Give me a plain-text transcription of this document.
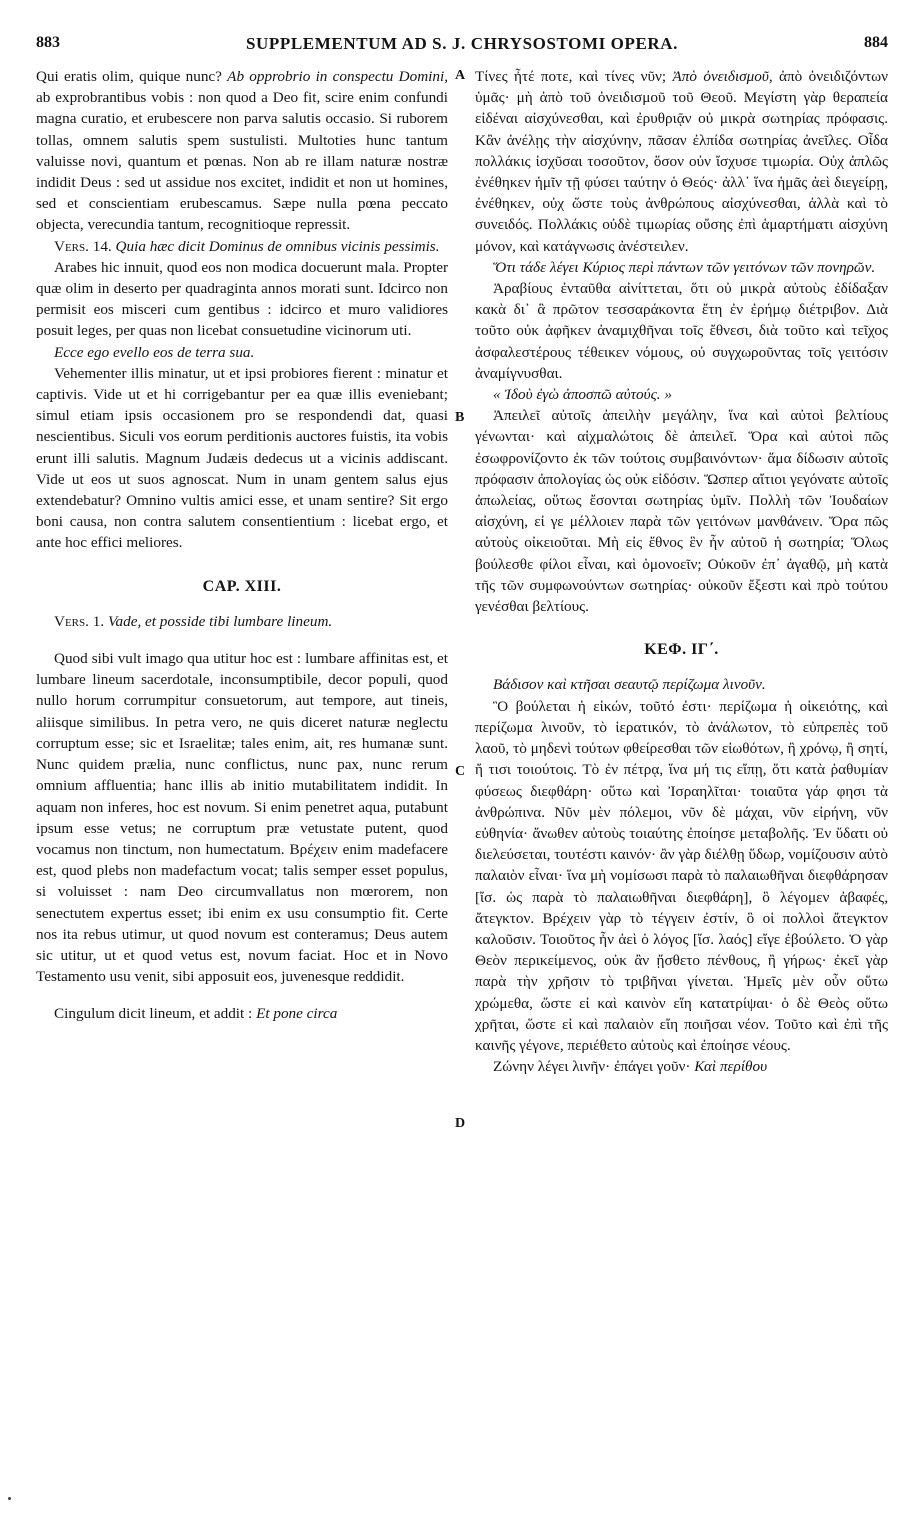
883	SUPPLEMENTUM AD S. J. CHRYSOSTOMI OPERA.	884
A
B
C
D

Qui eratis olim, quique nunc? Ab opprobrio in conspectu Domini, ab exprobrantibus vobis : non quod a Deo fit, scire enim confundi magna curatio, et erubescere non parva salutis occasio. Si ruborem tollas, omnem salutis spem sustulisti. Multoties hunc tantum valuisse novi, quantum et pœnas. Non ab re illam naturæ nostræ indidit Deus : sed ut assidue nos excitet, indidit et non ut homines, sed et conscientiam erubescamus. Sæpe nulla pœna peccato objecta, verecundia tantum, recognitioque repressit.

Vers. 14. Quia hæc dicit Dominus de omnibus vicinis pessimis.

Arabes hic innuit, quod eos non modica docuerunt mala. Propter quæ olim in deserto per quadraginta annos morati sunt. Idcirco non permisit eos misceri cum gentibus : idcirco et muro validiores posuit leges, per quas non licebat consuetudine vicinorum uti.

Ecce ego evello eos de terra sua.

Vehementer illis minatur, ut et ipsi probiores fierent : minatur et captivis. Vide ut et hi corrigebantur per ea quæ illis eveniebant; simul etiam ipsis occasionem pro se respondendi dat, quasi nescientibus. Siculi vos eorum perditionis auctores fuistis, ita vobis erunt illi salutis. Magnum Judæis dedecus ut a vicinis addiscant. Vide ut eos ut suos agnoscat. Num in unam gentem salus ejus extendebatur? Omnino vultis amici esse, et unam sentire? Sit ergo boni causa, non contra salutem consentientium : licebat ergo, et ante hoc effici meliores.

CAP. XIII.

Vers. 1. Vade, et posside tibi lumbare lineum.

Quod sibi vult imago qua utitur hoc est : lumbare affinitas est, et lumbare lineum sacerdotale, inconsumptibile, decor populi, quod nullo horum corrumpitur consuetorum, aut tempore, aut tineis, aliisque similibus. In petra vero, ne quis diceret naturæ neglectu corruptum esse; sic et Israelitæ; tales enim, ait, res humanæ sunt. Nunc quidem prælia, nunc conflictus, nunc pax, nunc rerum omnium affluentia; hanc illis ab initio mutabilitatem indidit. In aquam non inferes, hoc est novum. Si enim penetret aqua, putabunt ipsum esse vetus; ne corruptum præ vetustate putent, quod vocamus non tinctum, non humectatum. Βρέχειν enim madefacere est, quod plebs non madefactum vocat; talis semper esset populus, si voluisset : nam Deo circumvallatus non mœrorem, non senectutem expertus esset; ibi enim ex usu consumptio fit. Certe nos ita rebus utimur, ut quod novum est conteramus; Deus autem sic utitur, ut et quod vetus est, novum faciat. Hoc et in Novo Testamento usu venit, sibi apposuit eos, juvenesque reddidit.

Cingulum dicit lineum, et addit : Et pone circa

Τίνες ἦτέ ποτε, καὶ τίνες νῦν; Ἀπὸ ὀνειδισμοῦ, ἀπὸ ὀνειδιζόντων ὑμᾶς· μὴ ἀπὸ τοῦ ὀνειδισμοῦ τοῦ Θεοῦ. Μεγίστη γὰρ θεραπεία εἰδέναι αἰσχύνεσθαι, καὶ ἐρυθριᾷν οὐ μικρὰ σωτηρίας πρόφασις. Κἂν ἀνέλῃς τὴν αἰσχύνην, πᾶσαν ἐλπίδα σωτηρίας ἀνεῖλες. Οἶδα πολλάκις ἰσχῦσαι τοσοῦτον, ὅσον οὐν ἴσχυσε τιμωρία. Οὐχ ἁπλῶς ἐνέθηκεν ἡμῖν τῇ φύσει ταύτην ὁ Θεός· ἀλλ᾽ ἵνα ἡμᾶς ἀεὶ διεγείρῃ, ἐνέθηκεν, οὐχ ὥστε τοὺς ἀνθρώπους αἰσχύνεσθαι, ἀλλὰ καὶ τὸ συνειδός. Πολλάκις οὐδὲ τιμωρίας οὔσης ἐπὶ ἁμαρτήματι αἰσχύνη μόνον, καὶ κατάγνωσις ἀνέστειλεν.

Ὅτι τάδε λέγει Κύριος περὶ πάντων τῶν γειτόνων τῶν πονηρῶν.

Ἀραβίους ἐνταῦθα αἰνίττεται, ὅτι οὐ μικρὰ αὐτοὺς ἐδίδαξαν κακὰ δι᾽ ἃ πρῶτον τεσσαράκοντα ἔτη ἐν ἐρήμῳ διέτριβον. Διὰ τοῦτο οὐκ ἀφῆκεν ἀναμιχθῆναι τοῖς ἔθνεσι, διὰ τοῦτο καὶ τεῖχος ἀσφαλεστέρους τέθεικεν νόμους, οὐ συγχωροῦντας τοῖς γειτόσιν ἀναμίγνυσθαι.

« Ἰδοὺ ἐγὼ ἀποσπῶ αὐτούς. »

Ἀπειλεῖ αὐτοῖς ἀπειλὴν μεγάλην, ἵνα καὶ αὐτοὶ βελτίους γένωνται· καὶ αἰχμαλώτοις δὲ ἀπειλεῖ. Ὅρα καὶ αὐτοὶ πῶς ἐσωφρονίζοντο ἐκ τῶν τούτοις συμβαινόντων· ἅμα δίδωσιν αὐτοῖς πρόφασιν ἀπολογίας ὡς οὐκ εἰδόσιν. Ὥσπερ αἴτιοι γεγόνατε αὐτοῖς ἀπωλείας, οὕτως ἔσονται σωτηρίας ὑμῖν. Πολλὴ τῶν Ἰουδαίων αἰσχύνη, εἰ γε μέλλοιεν παρὰ τῶν γειτόνων μανθάνειν. Ὅρα πῶς αὐτοὺς οἰκειοῦται. Μὴ εἰς ἔθνος ἓν ἦν αὐτοῦ ἡ σωτηρία; Ὅλως βούλεσθε φίλοι εἶναι, καὶ ὁμονοεῖν; Οὐκοῦν ἐπ᾽ ἀγαθῷ, μὴ κατὰ τῆς τῶν συμφωνούντων σωτηρίας· οὐκοῦν ἔξεστι καὶ πρὸ τούτου γενέσθαι βελτίους.

ΚΕΦ. ΙΓ΄.

Βάδισον καὶ κτῆσαι σεαυτῷ περίζωμα λινοῦν.

Ὃ βούλεται ἡ εἰκών, τοῦτό ἐστι· περίζωμα ἡ οἰκειότης, καὶ περίζωμα λινοῦν, τὸ ἱερατικόν, τὸ ἀνάλωτον, τὸ εὐπρεπὲς τοῦ λαοῦ, τὸ μηδενὶ τούτων φθείρεσθαι τῶν εἰωθότων, ἢ χρόνῳ, ἢ σητί, ἤ τισι τοιούτοις. Τὸ ἐν πέτρᾳ, ἵνα μή τις εἴπῃ, ὅτι κατὰ ῥαθυμίαν φύσεως διεφθάρη· οὕτω καὶ Ἰσραηλῖται· τοιαῦτα γάρ φησι τὰ ἀνθρώπινα. Νῦν μὲν πόλεμοι, νῦν δὲ μάχαι, νῦν εἰρήνη, νῦν εὐθηνία· ἄνωθεν αὐτοὺς τοιαύτης ἐποίησε μεταβολῆς. Ἐν ὕδατι οὐ διελεύσεται, τουτέστι καινόν· ἂν γὰρ διέλθῃ ὕδωρ, νομίζουσιν αὐτὸ παλαιὸν εἶναι· ἵνα μὴ νομίσωσι παρὰ τὸ παλαιωθῆναι διεφθάρησαν [ἴσ. ὡς παρὰ τὸ παλαιωθῆναι διεφθάρη], ὃ λέγομεν ἀβαφές, ἄτεγκτον. Βρέχειν γὰρ τὸ τέγγειν ἐστίν, ὃ οἱ πολλοὶ ἄτεγκτον καλοῦσιν. Τοιοῦτος ἦν ἀεὶ ὁ λόγος [ἴσ. λαός] εἴγε ἐβούλετο. Ὁ γὰρ Θεὸν περικείμενος, οὐκ ἂν ᾔσθετο πένθους, ἢ γήρως· ἐκεῖ γὰρ παρὰ τὴν χρῆσιν τὸ τριβῆναι γίνεται. Ἡμεῖς μὲν οὖν οὕτω χρώμεθα, ὥστε εἰ καὶ καινὸν εἴη κατατρίψαι· ὁ δὲ Θεὸς οὕτω χρῆται, ὥστε εἰ καὶ παλαιὸν εἴη ποιῆσαι νέον. Τοῦτο καὶ ἐπὶ τῆς καινῆς γέγονε, περιέθετο αὐτοὺς καὶ ἐποίησε νέους.

Ζώνην λέγει λινῆν· ἐπάγει γοῦν· Καὶ περίθου
